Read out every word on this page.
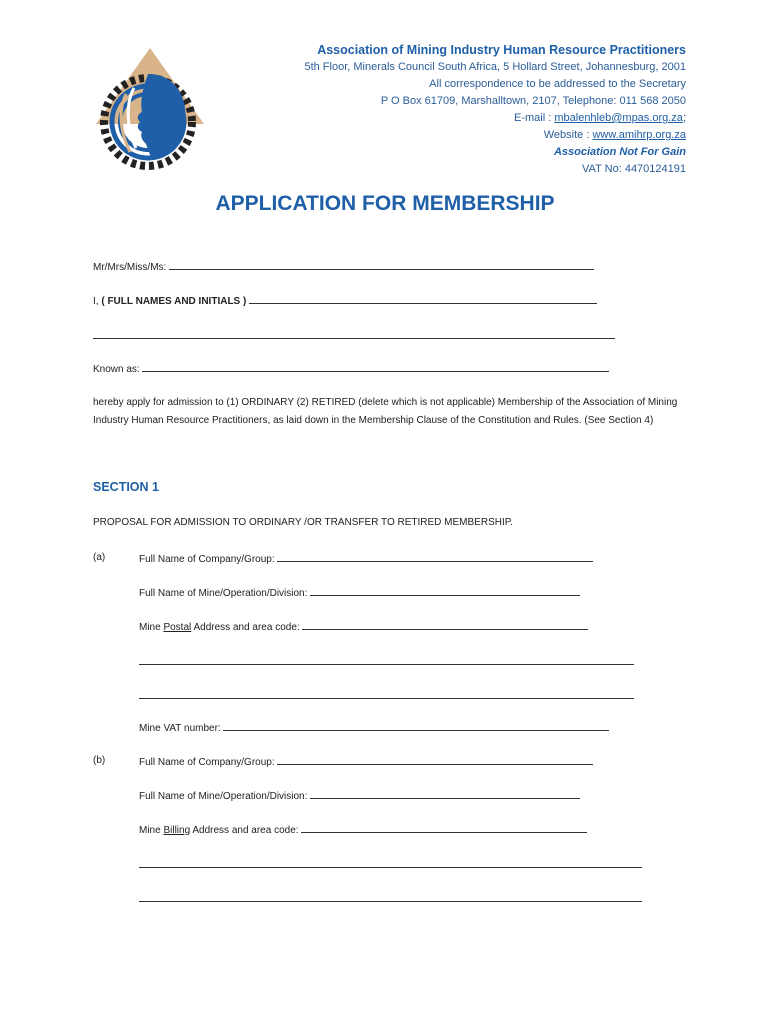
Association of Mining Industry Human Resource Practitioners
5th Floor, Minerals Council South Africa, 5 Hollard Street, Johannesburg, 2001
All correspondence to be addressed to the Secretary
P O Box 61709, Marshalltown, 2107, Telephone: 011 568 2050
E-mail : mbalenhleb@mpas.org.za;
Website : www.amihrp.org.za
Association Not For Gain
VAT No: 4470124191
APPLICATION FOR MEMBERSHIP
Mr/Mrs/Miss/Ms:
I, ( FULL NAMES AND INITIALS )
Known as:
hereby apply for admission to (1) ORDINARY (2) RETIRED (delete which is not applicable) Membership of the Association of Mining Industry Human Resource Practitioners, as laid down in the Membership Clause of the Constitution and Rules. (See Section 4)
SECTION 1
PROPOSAL FOR ADMISSION TO ORDINARY /OR TRANSFER TO RETIRED MEMBERSHIP.
(a)	Full Name of Company/Group:
Full Name of Mine/Operation/Division:
Mine Postal Address and area code:
Mine VAT number:
(b)	Full Name of Company/Group:
Full Name of Mine/Operation/Division:
Mine Billing Address and area code:
